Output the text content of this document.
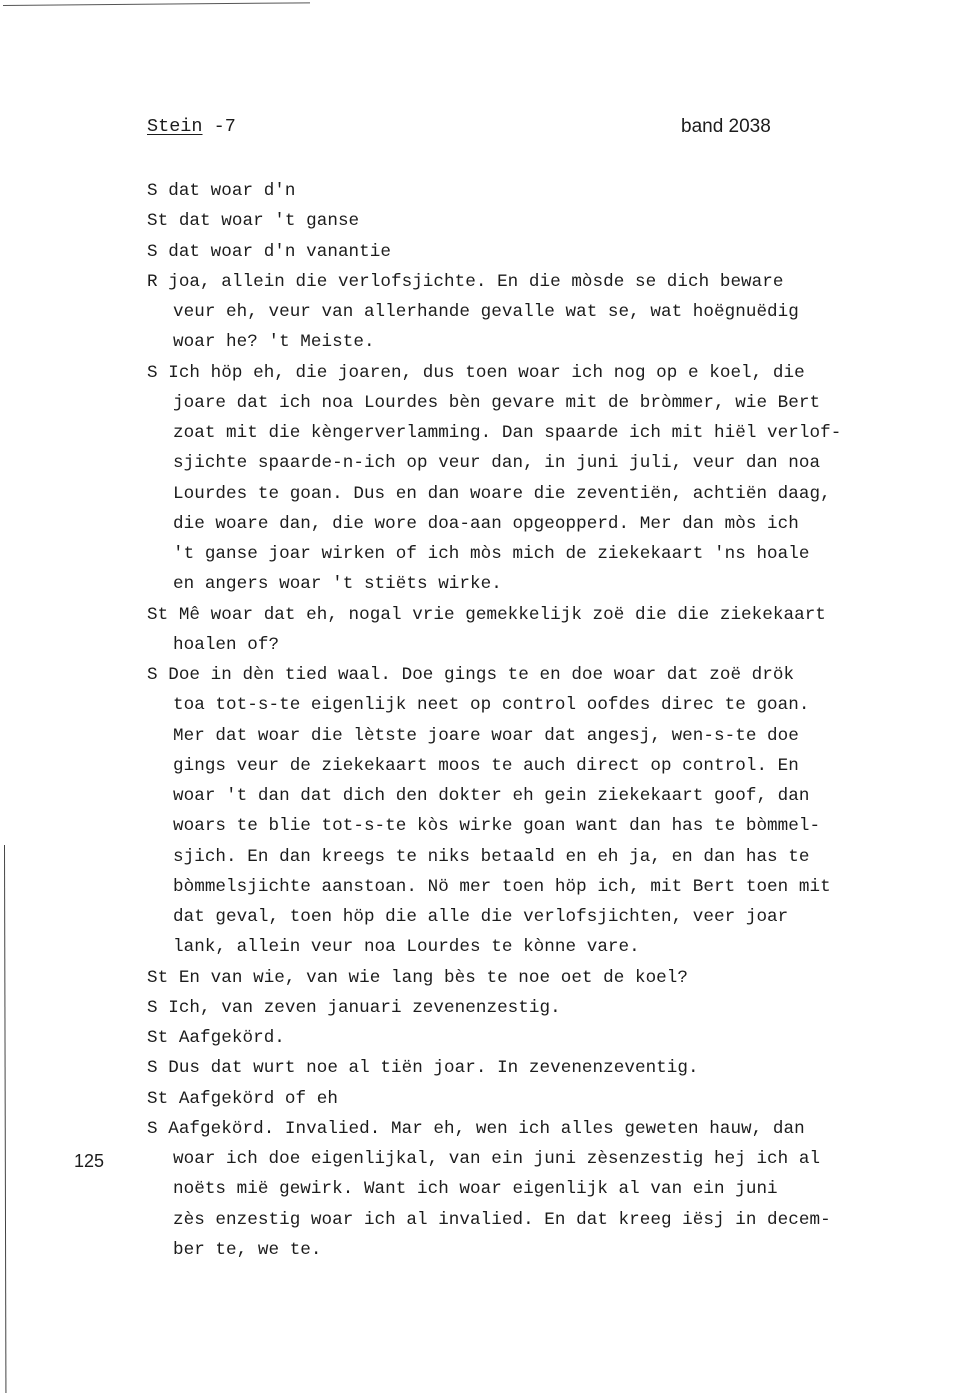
Stein -7	band 2038
125
S dat woar d'n
St dat woar 't ganse
S dat woar d'n vanantie
R joa, allein die verlofsjichte. En die mòsde se dich beware
veur eh, veur van allerhande gevalle wat se, wat hoëgnuëdig
woar he? 't Meiste.
S Ich höp eh, die joaren, dus toen woar ich nog op e koel, die
joare dat ich noa Lourdes bèn gevare mit de bròmmer, wie Bert
zoat mit die kèngerverlamming. Dan spaarde ich mit hiël verlof-
sjichte spaarde-n-ich op veur dan, in juni juli, veur dan noa
Lourdes te goan. Dus en dan woare die zeventiën, achtiën daag,
die woare dan, die wore doa-aan opgeopperd. Mer dan mòs ich
't ganse joar wirken of ich mòs mich de ziekekaart 'ns hoale
en angers woar 't stiëts wirke.
St Mê woar dat eh, nogal vrie gemekkelijk zoë die die ziekekaart
hoalen of?
S Doe in dèn tied waal. Doe gings te en doe woar dat zoë drök
toa tot-s-te eigenlijk neet op control oofdes direc te goan.
Mer dat woar die lètste joare woar dat angesj, wen-s-te doe
gings veur de ziekekaart moos te auch direct op control. En
woar 't dan dat dich den dokter eh gein ziekekaart goof, dan
woars te blie tot-s-te kòs wirke goan want dan has te bòmmel-
sjich. En dan kreegs te niks betaald en eh ja, en dan has te
bòmmelsjichte aanstoan. Nö mer toen höp ich, mit Bert toen mit
dat geval, toen höp die alle die verlofsjichten, veer joar
lank, allein veur noa Lourdes te kònne vare.
St En van wie, van wie lang bès te noe oet de koel?
S Ich, van zeven januari zevenenzestig.
St Aafgekörd.
S Dus dat wurt noe al tiën joar. In zevenenzeventig.
St Aafgekörd of eh
S Aafgekörd. Invalied. Mar eh, wen ich alles geweten hauw, dan
woar ich doe eigenlijkal, van ein juni zèsenzestig hej ich al
noëts mië gewirk. Want ich woar eigenlijk al van ein juni
zès enzestig woar ich al invalied. En dat kreeg iësj in decem-
ber te, we te.
